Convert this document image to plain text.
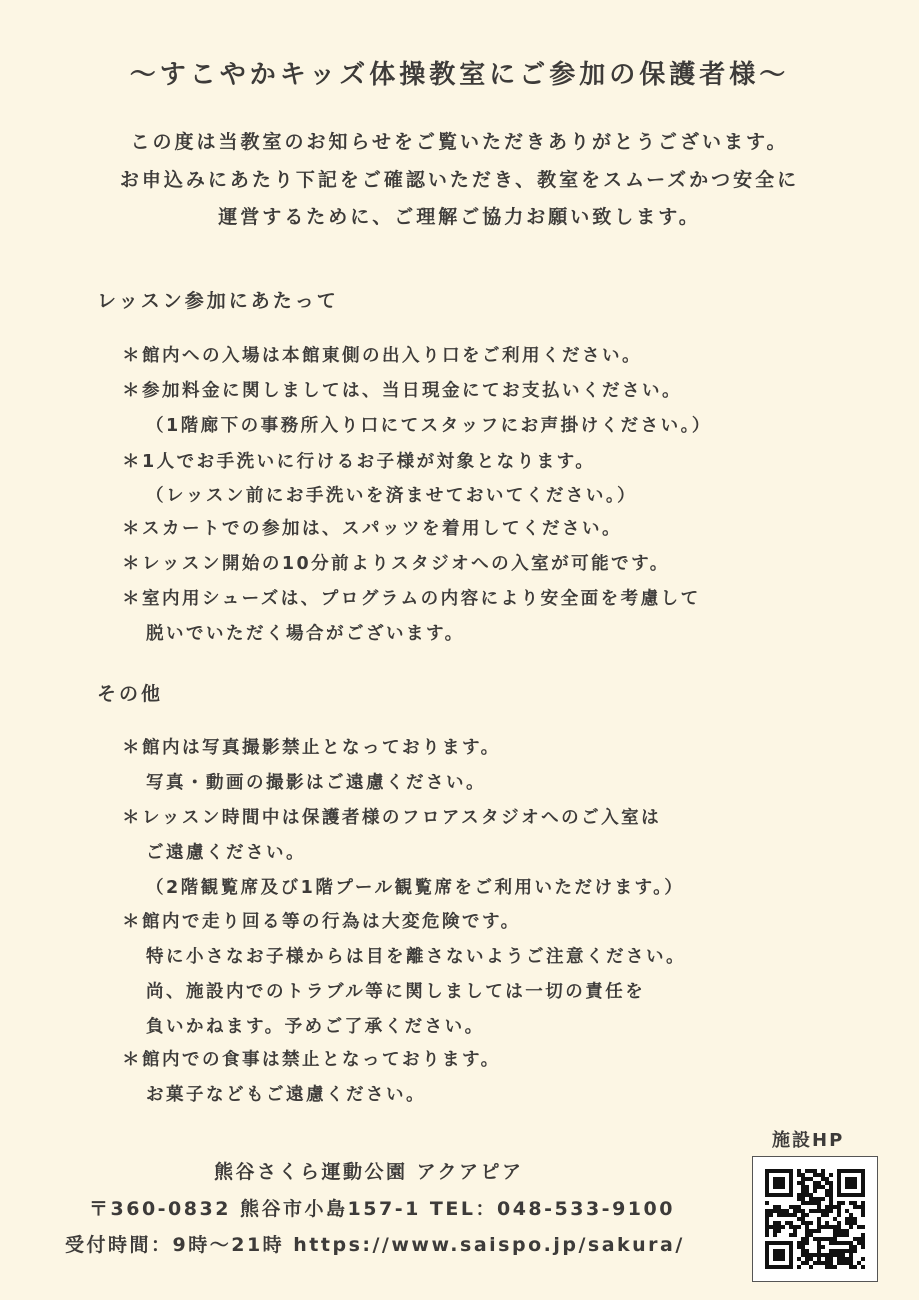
〜すこやかキッズ体操教室にご参加の保護者様〜
この度は当教室のお知らせをご覧いただきありがとうございます。
お申込みにあたり下記をご確認いただき、教室をスムーズかつ安全に
運営するために、ご理解ご協力お願い致します。
レッスン参加にあたって
＊館内への入場は本館東側の出入り口をご利用ください。
＊参加料金に関しましては、当日現金にてお支払いください。
（1階廊下の事務所入り口にてスタッフにお声掛けください。）
＊1人でお手洗いに行けるお子様が対象となります。
（レッスン前にお手洗いを済ませておいてください。）
＊スカートでの参加は、スパッツを着用してください。
＊レッスン開始の10分前よりスタジオへの入室が可能です。
＊室内用シューズは、プログラムの内容により安全面を考慮して
脱いでいただく場合がございます。
その他
＊館内は写真撮影禁止となっております。
写真・動画の撮影はご遠慮ください。
＊レッスン時間中は保護者様のフロアスタジオへのご入室は
ご遠慮ください。
（2階観覧席及び1階プール観覧席をご利用いただけます。）
＊館内で走り回る等の行為は大変危険です。
特に小さなお子様からは目を離さないようご注意ください。
尚、施設内でのトラブル等に関しましては一切の責任を
負いかねます。予めご了承ください。
＊館内での食事は禁止となっております。
お菓子などもご遠慮ください。
熊谷さくら運動公園 アクアピア
〒360-0832 熊谷市小島157-1 TEL：048-533-9100
受付時間：9時〜21時 https://www.saispo.jp/sakura/
施設HP
